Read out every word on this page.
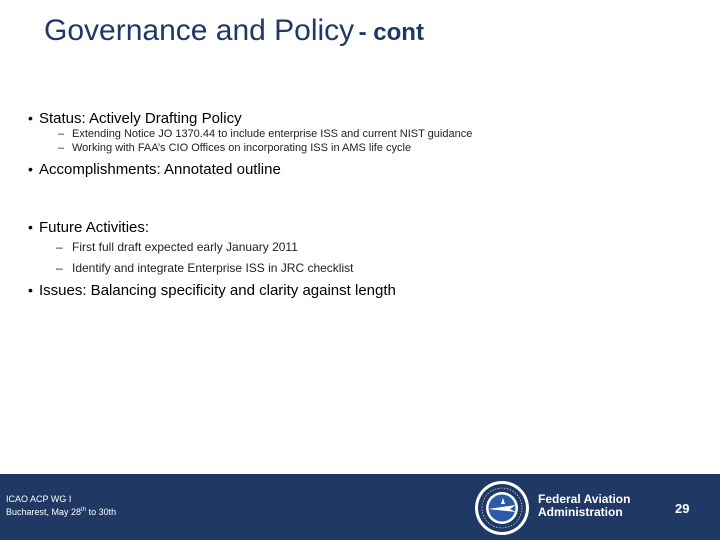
Governance and Policy - cont
• Status: Actively Drafting Policy
– Extending Notice JO 1370.44 to include enterprise ISS and current NIST guidance
– Working with FAA’s CIO Offices on incorporating ISS in AMS life cycle
• Accomplishments: Annotated outline
• Future Activities:
– First full draft expected early January 2011
– Identify and integrate Enterprise ISS in JRC checklist
• Issues: Balancing specificity and clarity against length
ICAO ACP WG I
Bucharest, May 28th to 30th
Federal Aviation
Administration	29
